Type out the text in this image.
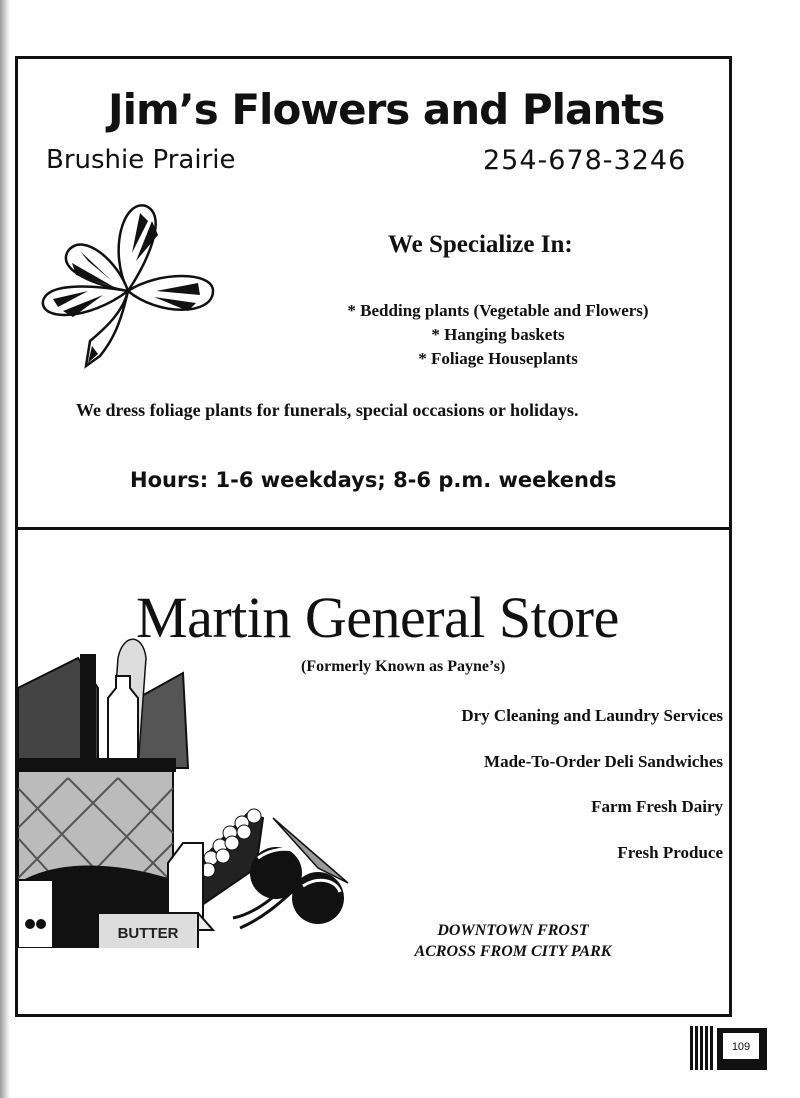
Jim’s Flowers and Plants
Brushie Prairie	254-678-3246
We Specialize In:
* Bedding plants (Vegetable and Flowers)
* Hanging baskets
* Foliage Houseplants
We dress foliage plants for funerals, special occasions or holidays.
Hours: 1-6 weekdays; 8-6 p.m. weekends
BUTTER
Martin General Store
(Formerly Known as Payne’s)
Dry Cleaning and Laundry Services
Made-To-Order Deli Sandwiches
Farm Fresh Dairy
Fresh Produce
DOWNTOWN FROST
ACROSS FROM CITY PARK
109
